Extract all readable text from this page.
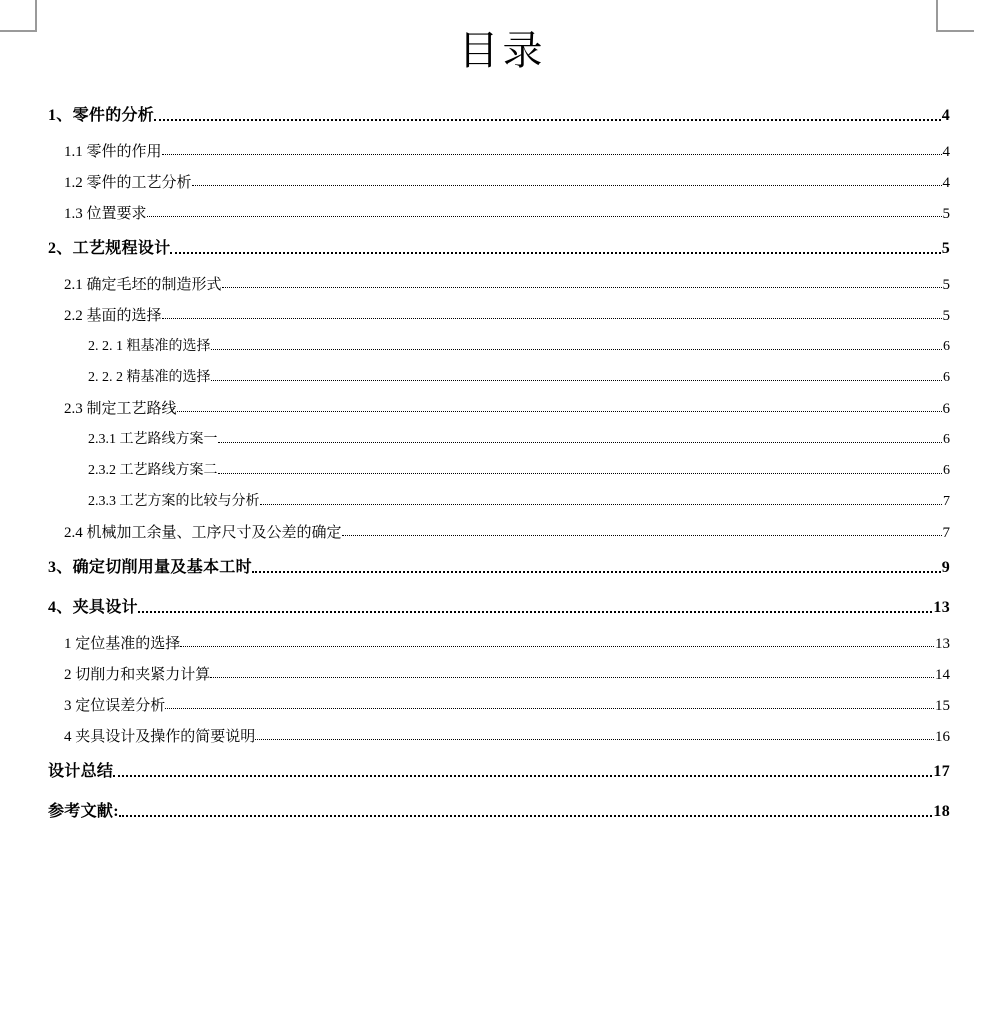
目录
1、零件的分析	4
1.1 零件的作用	4
1.2 零件的工艺分析	4
1.3 位置要求	5
2、工艺规程设计	5
2.1 确定毛坯的制造形式	5
2.2 基面的选择	5
2. 2. 1 粗基准的选择	6
2. 2. 2 精基准的选择	6
2.3 制定工艺路线	6
2.3.1 工艺路线方案一	6
2.3.2 工艺路线方案二	6
2.3.3 工艺方案的比较与分析	7
2.4 机械加工余量、工序尺寸及公差的确定	7
3、确定切削用量及基本工时	9
4、夹具设计	13
1 定位基准的选择	13
2 切削力和夹紧力计算	14
3 定位误差分析	15
4 夹具设计及操作的简要说明	16
设计总结	17
参考文献:	18
